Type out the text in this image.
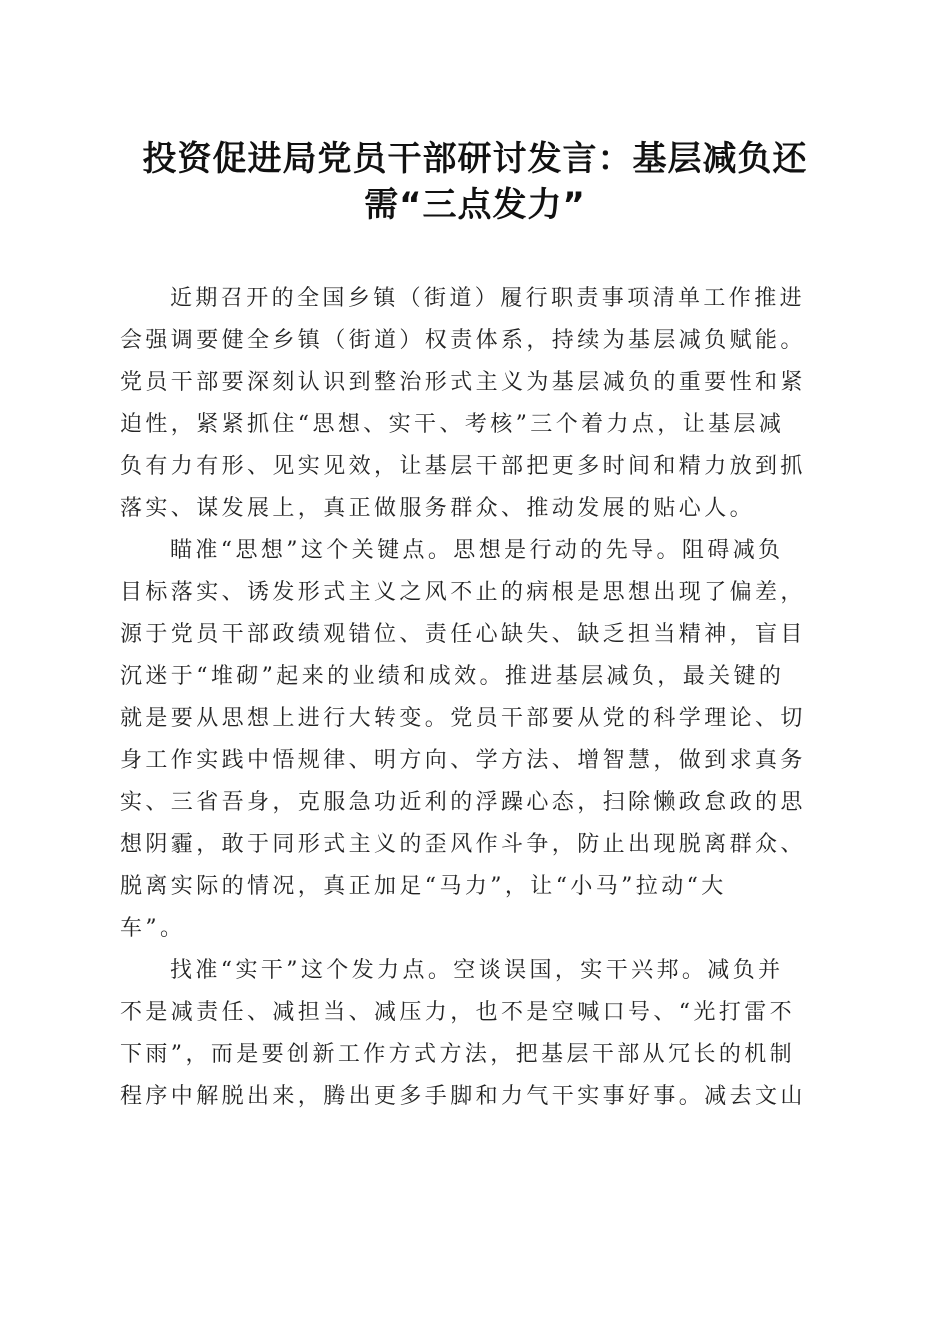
投资促进局党员干部研讨发言：基层减负还
需“三点发力”

近期召开的全国乡镇（街道）履行职责事项清单工作推进
会强调要健全乡镇（街道）权责体系，持续为基层减负赋能。
党员干部要深刻认识到整治形式主义为基层减负的重要性和紧
迫性，紧紧抓住“思想、实干、考核”三个着力点，让基层减
负有力有形、见实见效，让基层干部把更多时间和精力放到抓
落实、谋发展上，真正做服务群众、推动发展的贴心人。

瞄准“思想”这个关键点。思想是行动的先导。阻碍减负
目标落实、诱发形式主义之风不止的病根是思想出现了偏差，
源于党员干部政绩观错位、责任心缺失、缺乏担当精神，盲目
沉迷于“堆砌”起来的业绩和成效。推进基层减负，最关键的
就是要从思想上进行大转变。党员干部要从党的科学理论、切
身工作实践中悟规律、明方向、学方法、增智慧，做到求真务
实、三省吾身，克服急功近利的浮躁心态，扫除懒政怠政的思
想阴霾，敢于同形式主义的歪风作斗争，防止出现脱离群众、
脱离实际的情况，真正加足“马力”，让“小马”拉动“大
车”。

找准“实干”这个发力点。空谈误国，实干兴邦。减负并
不是减责任、减担当、减压力，也不是空喊口号、“光打雷不
下雨”，而是要创新工作方式方法，把基层干部从冗长的机制
程序中解脱出来，腾出更多手脚和力气干实事好事。减去文山
